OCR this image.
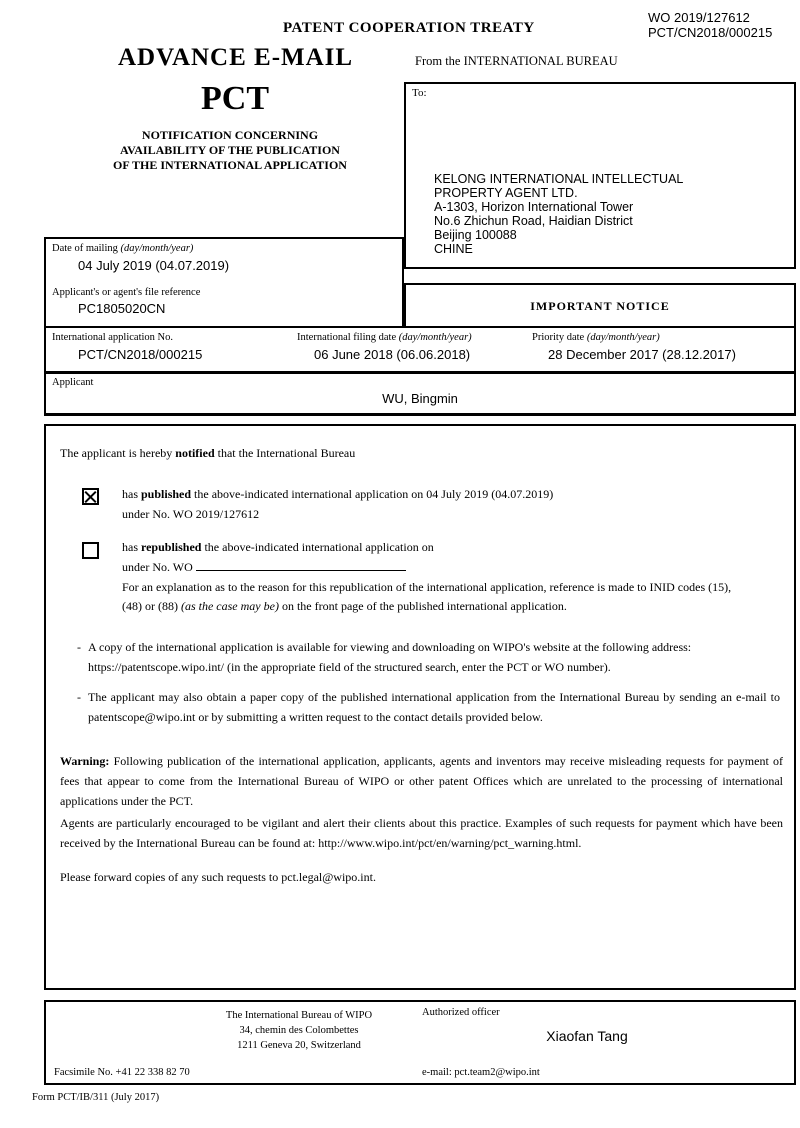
PATENT COOPERATION TREATY
WO 2019/127612
PCT/CN2018/000215
ADVANCE E-MAIL	From the INTERNATIONAL BUREAU
PCT
NOTIFICATION CONCERNING
AVAILABILITY OF THE PUBLICATION
OF THE INTERNATIONAL APPLICATION
To:
KELONG INTERNATIONAL INTELLECTUAL
PROPERTY AGENT LTD.
A-1303, Horizon International Tower
No.6 Zhichun Road, Haidian District
Beijing 100088
CHINE
Date of mailing (day/month/year)
04 July 2019 (04.07.2019)
Applicant's or agent's file reference
PC1805020CN	IMPORTANT NOTICE
International application No.
PCT/CN2018/000215
International filing date (day/month/year)
06 June 2018 (06.06.2018)
Priority date (day/month/year)
28 December 2017 (28.12.2017)
Applicant
WU, Bingmin
The applicant is hereby notified that the International Bureau
has published the above-indicated international application on 04 July 2019 (04.07.2019)
under No. WO 2019/127612
has republished the above-indicated international application on
under No. WO
For an explanation as to the reason for this republication of the international application, reference is made to INID codes (15), (48) or (88) (as the case may be) on the front page of the published international application.
- A copy of the international application is available for viewing and downloading on WIPO's website at the following address:
https://patentscope.wipo.int/ (in the appropriate field of the structured search, enter the PCT or WO number).
- The applicant may also obtain a paper copy of the published international application from the International Bureau by sending an e-mail to patentscope@wipo.int or by submitting a written request to the contact details provided below.
Warning: Following publication of the international application, applicants, agents and inventors may receive misleading requests for payment of fees that appear to come from the International Bureau of WIPO or other patent Offices which are unrelated to the processing of international applications under the PCT.
Agents are particularly encouraged to be vigilant and alert their clients about this practice. Examples of such requests for payment which have been received by the International Bureau can be found at: http://www.wipo.int/pct/en/warning/pct_warning.html.
Please forward copies of any such requests to pct.legal@wipo.int.
The International Bureau of WIPO
34, chemin des Colombettes
1211 Geneva 20, Switzerland
Authorized officer
Xiaofan Tang
Facsimile No. +41 22 338 82 70	e-mail: pct.team2@wipo.int
Form PCT/IB/311 (July 2017)
